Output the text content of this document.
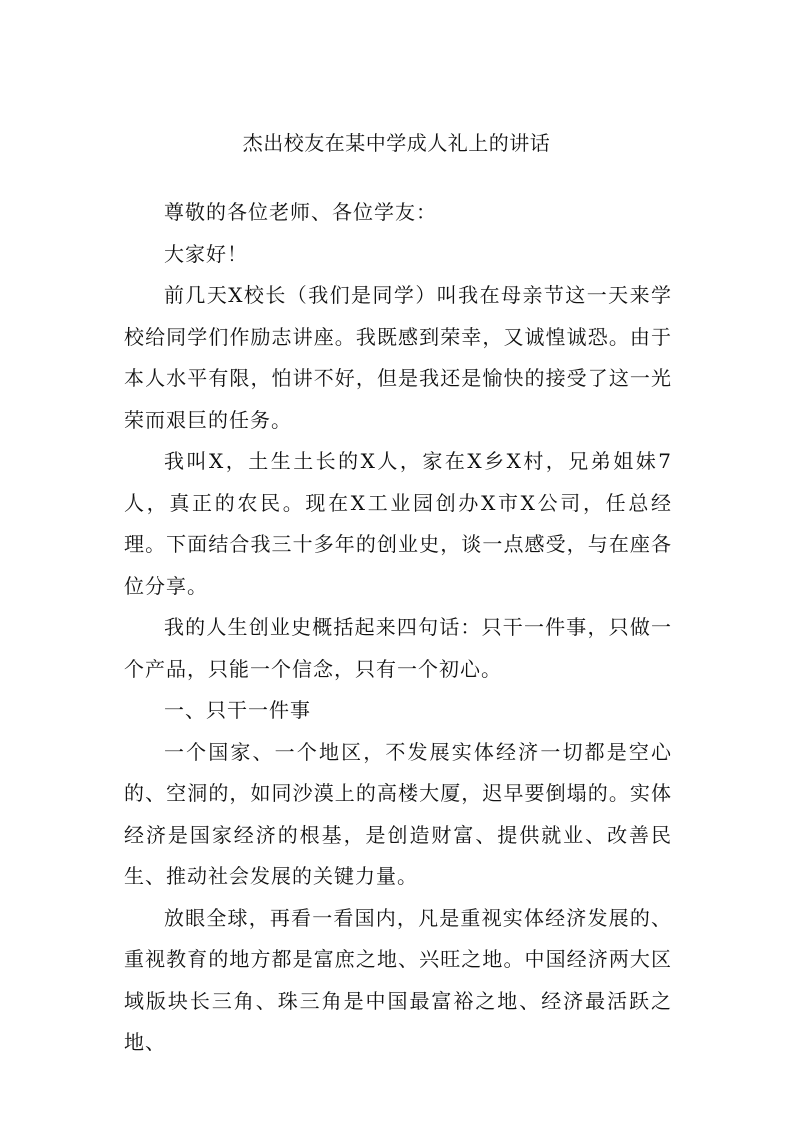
杰出校友在某中学成人礼上的讲话

尊敬的各位老师、各位学友：

大家好！

前几天X校长（我们是同学）叫我在母亲节这一天来学校给同学们作励志讲座。我既感到荣幸，又诚惶诚恐。由于本人水平有限，怕讲不好，但是我还是愉快的接受了这一光荣而艰巨的任务。

我叫X，土生土长的X人，家在X乡X村，兄弟姐妹7人，真正的农民。现在X工业园创办X市X公司，任总经理。下面结合我三十多年的创业史，谈一点感受，与在座各位分享。

我的人生创业史概括起来四句话：只干一件事，只做一个产品，只能一个信念，只有一个初心。

一、只干一件事

一个国家、一个地区，不发展实体经济一切都是空心的、空洞的，如同沙漠上的高楼大厦，迟早要倒塌的。实体经济是国家经济的根基，是创造财富、提供就业、改善民生、推动社会发展的关键力量。

放眼全球，再看一看国内，凡是重视实体经济发展的、重视教育的地方都是富庶之地、兴旺之地。中国经济两大区域版块长三角、珠三角是中国最富裕之地、经济最活跃之地、
